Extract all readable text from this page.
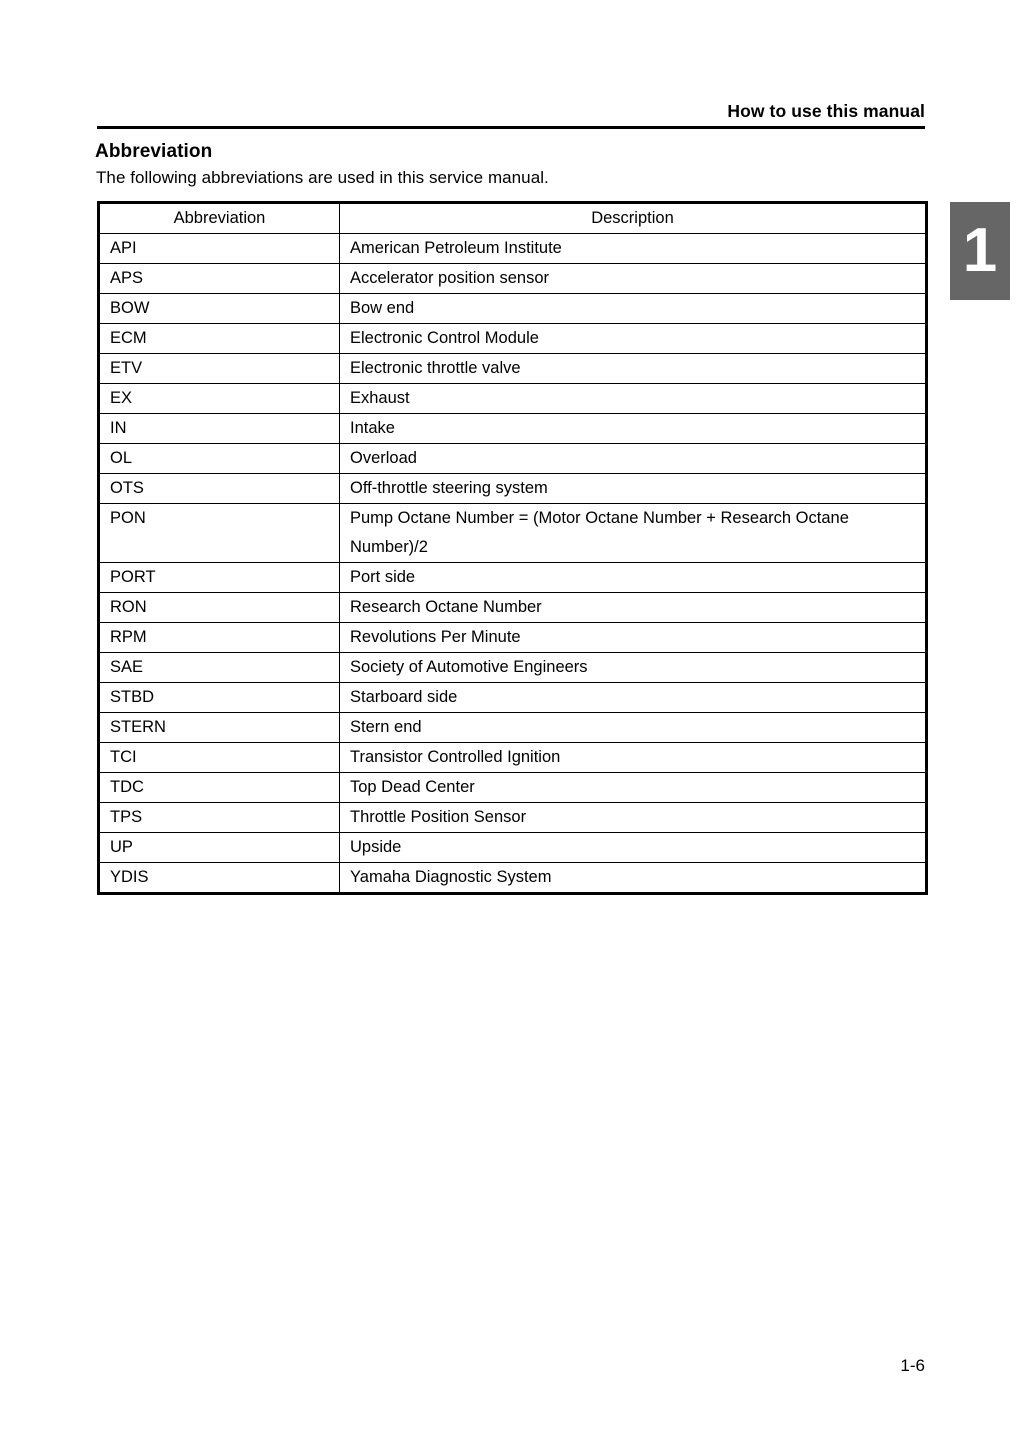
How to use this manual
Abbreviation
The following abbreviations are used in this service manual.
1
Abbreviation	Description

API	American Petroleum Institute

APS	Accelerator position sensor

BOW	Bow end

ECM	Electronic Control Module

ETV	Electronic throttle valve

EX	Exhaust

IN	Intake

OL	Overload

OTS	Off-throttle steering system

PON	Pump Octane Number = (Motor Octane Number + Research Octane Number)/2

PORT	Port side

RON	Research Octane Number

RPM	Revolutions Per Minute

SAE	Society of Automotive Engineers

STBD	Starboard side

STERN	Stern end

TCI	Transistor Controlled Ignition

TDC	Top Dead Center

TPS	Throttle Position Sensor

UP	Upside

YDIS	Yamaha Diagnostic System
1-6
